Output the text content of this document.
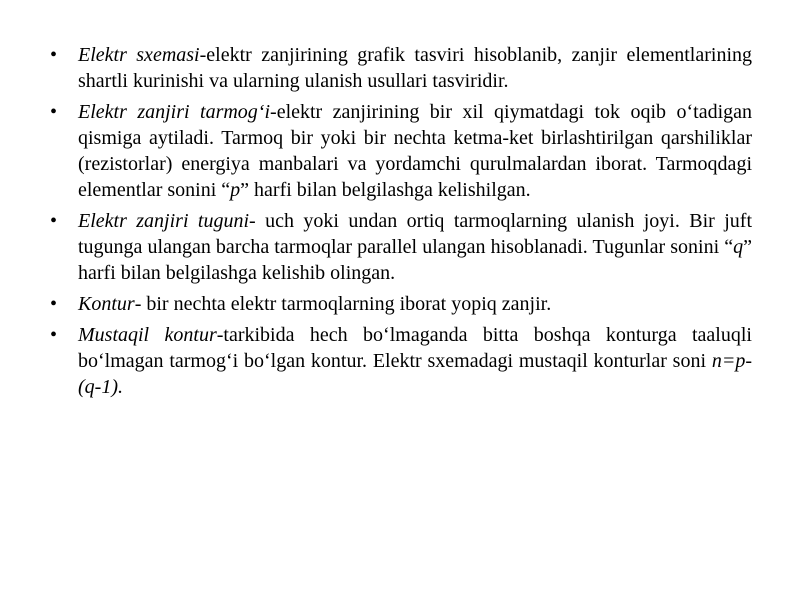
• Elektr sxemasi-elektr zanjirining grafik tasviri hisoblanib, zanjir elementlarining shartli kurinishi va ularning ulanish usullari tasviridir.
• Elektr zanjiri tarmog‘i-elektr zanjirining bir xil qiymatdagi tok oqib o‘tadigan qismiga aytiladi. Tarmoq bir yoki bir nechta ketma-ket birlashtirilgan qarshiliklar (rezistorlar) energiya manbalari va yordamchi qurulmalardan iborat. Tarmoqdagi elementlar sonini “p” harfi bilan belgilashga kelishilgan.
• Elektr zanjiri tuguni- uch yoki undan ortiq tarmoqlarning ulanish joyi. Bir juft tugunga ulangan barcha tarmoqlar parallel ulangan hisoblanadi. Tugunlar sonini “q” harfi bilan belgilashga kelishib olingan.
• Kontur- bir nechta elektr tarmoqlarning iborat yopiq zanjir.
• Mustaqil kontur-tarkibida hech bo‘lmaganda bitta boshqa konturga taaluqli bo‘lmagan tarmog‘i bo‘lgan kontur. Elektr sxemadagi mustaqil konturlar soni n=p-(q-1).
